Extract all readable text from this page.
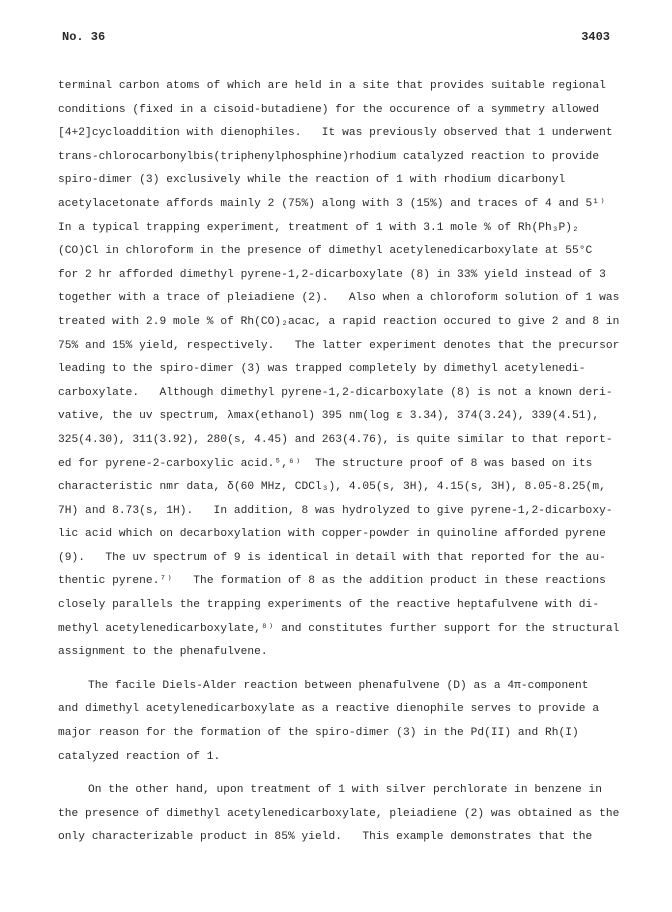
No. 36	3403
terminal carbon atoms of which are held in a site that provides suitable regional
conditions (fixed in a cisoid-butadiene) for the occurence of a symmetry allowed
[4+2]cycloaddition with dienophiles.   It was previously observed that 1 underwent
trans-chlorocarbonylbis(triphenylphosphine)rhodium catalyzed reaction to provide
spiro-dimer (3) exclusively while the reaction of 1 with rhodium dicarbonyl
acetylacetonate affords mainly 2 (75%) along with 3 (15%) and traces of 4 and 5¹⁾
In a typical trapping experiment, treatment of 1 with 3.1 mole % of Rh(Ph₃P)₂
(CO)Cl in chloroform in the presence of dimethyl acetylenedicarboxylate at 55°C
for 2 hr afforded dimethyl pyrene-1,2-dicarboxylate (8) in 33% yield instead of 3
together with a trace of pleiadiene (2).   Also when a chloroform solution of 1 was
treated with 2.9 mole % of Rh(CO)₂acac, a rapid reaction occured to give 2 and 8 in
75% and 15% yield, respectively.   The latter experiment denotes that the precursor
leading to the spiro-dimer (3) was trapped completely by dimethyl acetylenedi-
carboxylate.   Although dimethyl pyrene-1,2-dicarboxylate (8) is not a known deri-
vative, the uv spectrum, λmax(ethanol) 395 nm(log ε 3.34), 374(3.24), 339(4.51),
325(4.30), 311(3.92), 280(s, 4.45) and 263(4.76), is quite similar to that report-
ed for pyrene-2-carboxylic acid.⁵,⁶⁾  The structure proof of 8 was based on its
characteristic nmr data, δ(60 MHz, CDCl₃), 4.05(s, 3H), 4.15(s, 3H), 8.05-8.25(m,
7H) and 8.73(s, 1H).   In addition, 8 was hydrolyzed to give pyrene-1,2-dicarboxy-
lic acid which on decarboxylation with copper-powder in quinoline afforded pyrene
(9).   The uv spectrum of 9 is identical in detail with that reported for the au-
thentic pyrene.⁷⁾   The formation of 8 as the addition product in these reactions
closely parallels the trapping experiments of the reactive heptafulvene with di-
methyl acetylenedicarboxylate,⁸⁾ and constitutes further support for the structural
assignment to the phenafulvene.
The facile Diels-Alder reaction between phenafulvene (D) as a 4π-component
and dimethyl acetylenedicarboxylate as a reactive dienophile serves to provide a
major reason for the formation of the spiro-dimer (3) in the Pd(II) and Rh(I)
catalyzed reaction of 1.
On the other hand, upon treatment of 1 with silver perchlorate in benzene in
the presence of dimethyl acetylenedicarboxylate, pleiadiene (2) was obtained as the
only characterizable product in 85% yield.   This example demonstrates that the
